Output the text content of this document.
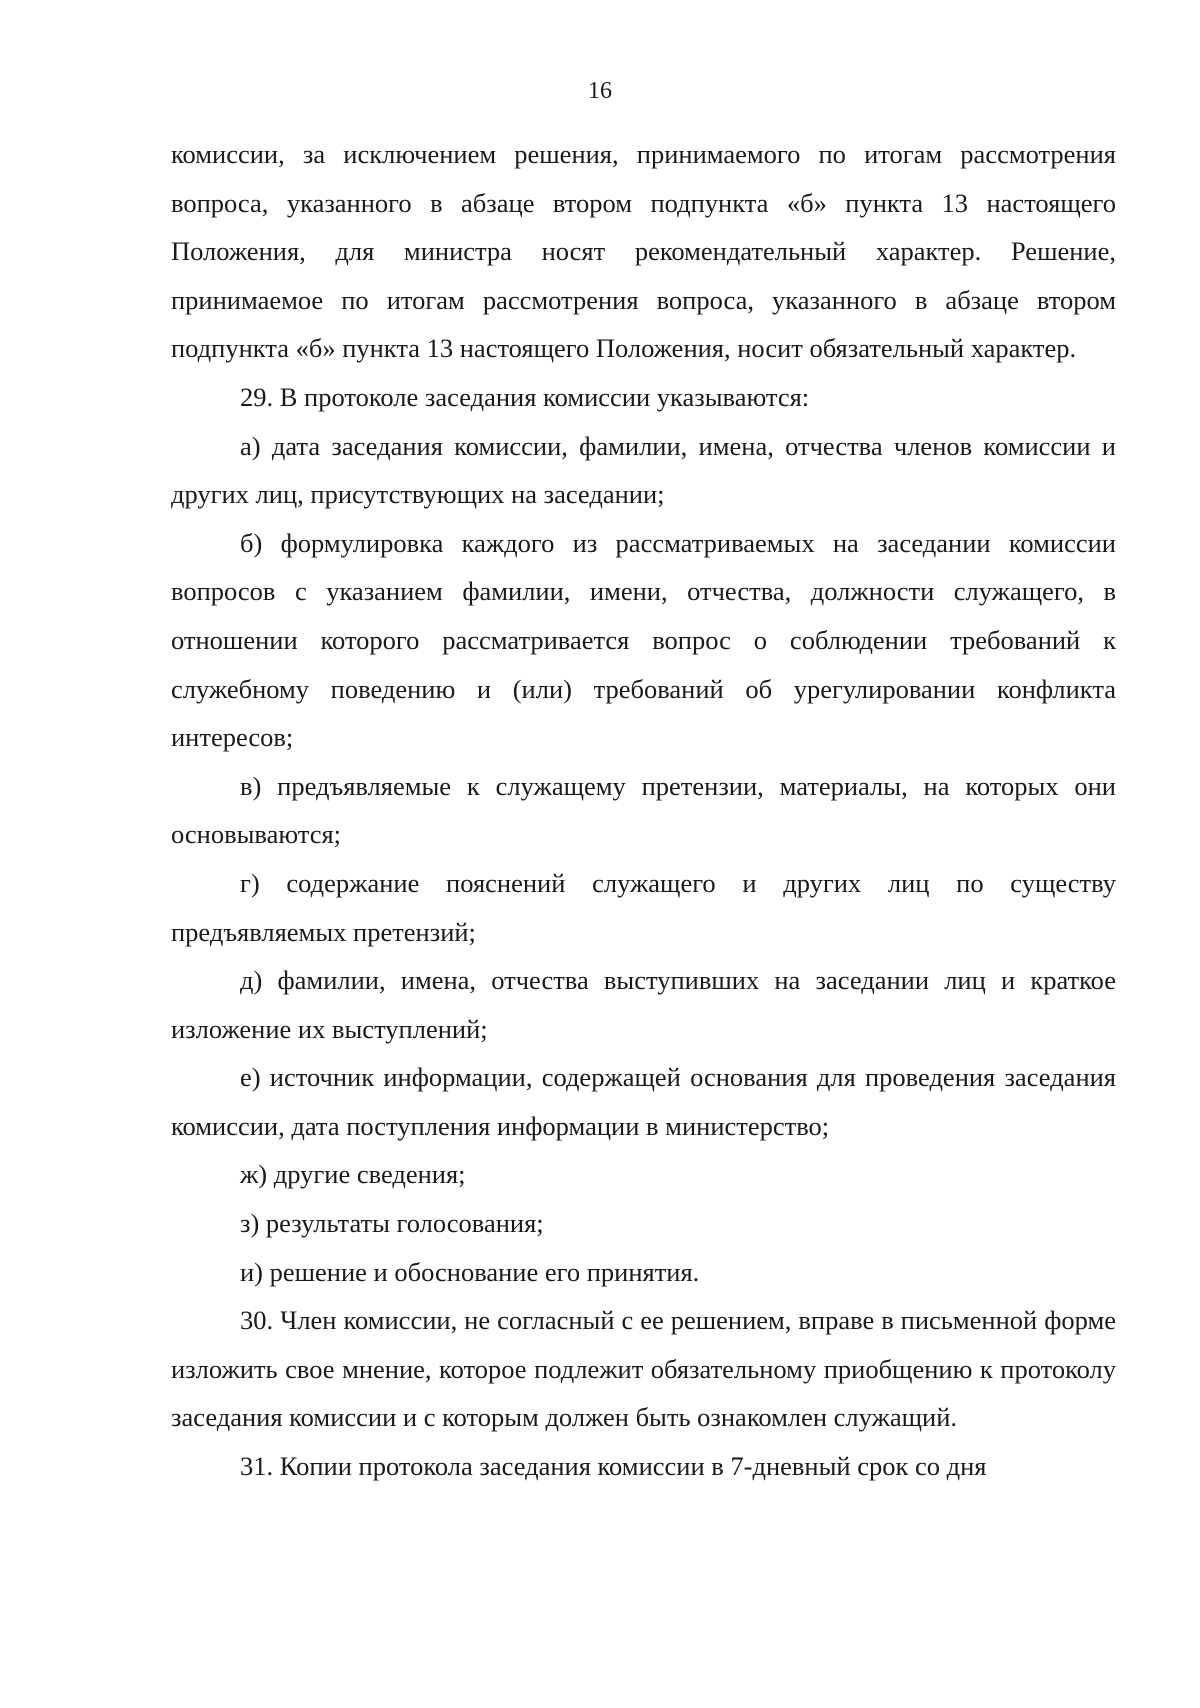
16

комиссии, за исключением решения, принимаемого по итогам рассмотрения вопроса, указанного в абзаце втором подпункта «б» пункта 13 настоящего Положения, для министра носят рекомендательный характер. Решение, принимаемое по итогам рассмотрения вопроса, указанного в абзаце втором подпункта «б» пункта 13 настоящего Положения, носит обязательный характер.

29. В протоколе заседания комиссии указываются:

а) дата заседания комиссии, фамилии, имена, отчества членов комиссии и других лиц, присутствующих на заседании;

б) формулировка каждого из рассматриваемых на заседании комиссии вопросов с указанием фамилии, имени, отчества, должности служащего, в отношении которого рассматривается вопрос о соблюдении требований к служебному поведению и (или) требований об урегулировании конфликта интересов;

в) предъявляемые к служащему претензии, материалы, на которых они основываются;

г) содержание пояснений служащего и других лиц по существу предъявляемых претензий;

д) фамилии, имена, отчества выступивших на заседании лиц и краткое изложение их выступлений;

е) источник информации, содержащей основания для проведения заседания комиссии, дата поступления информации в министерство;

ж) другие сведения;

з) результаты голосования;

и) решение и обоснование его принятия.

30. Член комиссии, не согласный с ее решением, вправе в письменной форме изложить свое мнение, которое подлежит обязательному приобщению к протоколу заседания комиссии и с которым должен быть ознакомлен служащий.

31. Копии протокола заседания комиссии в 7-дневный срок со дня
